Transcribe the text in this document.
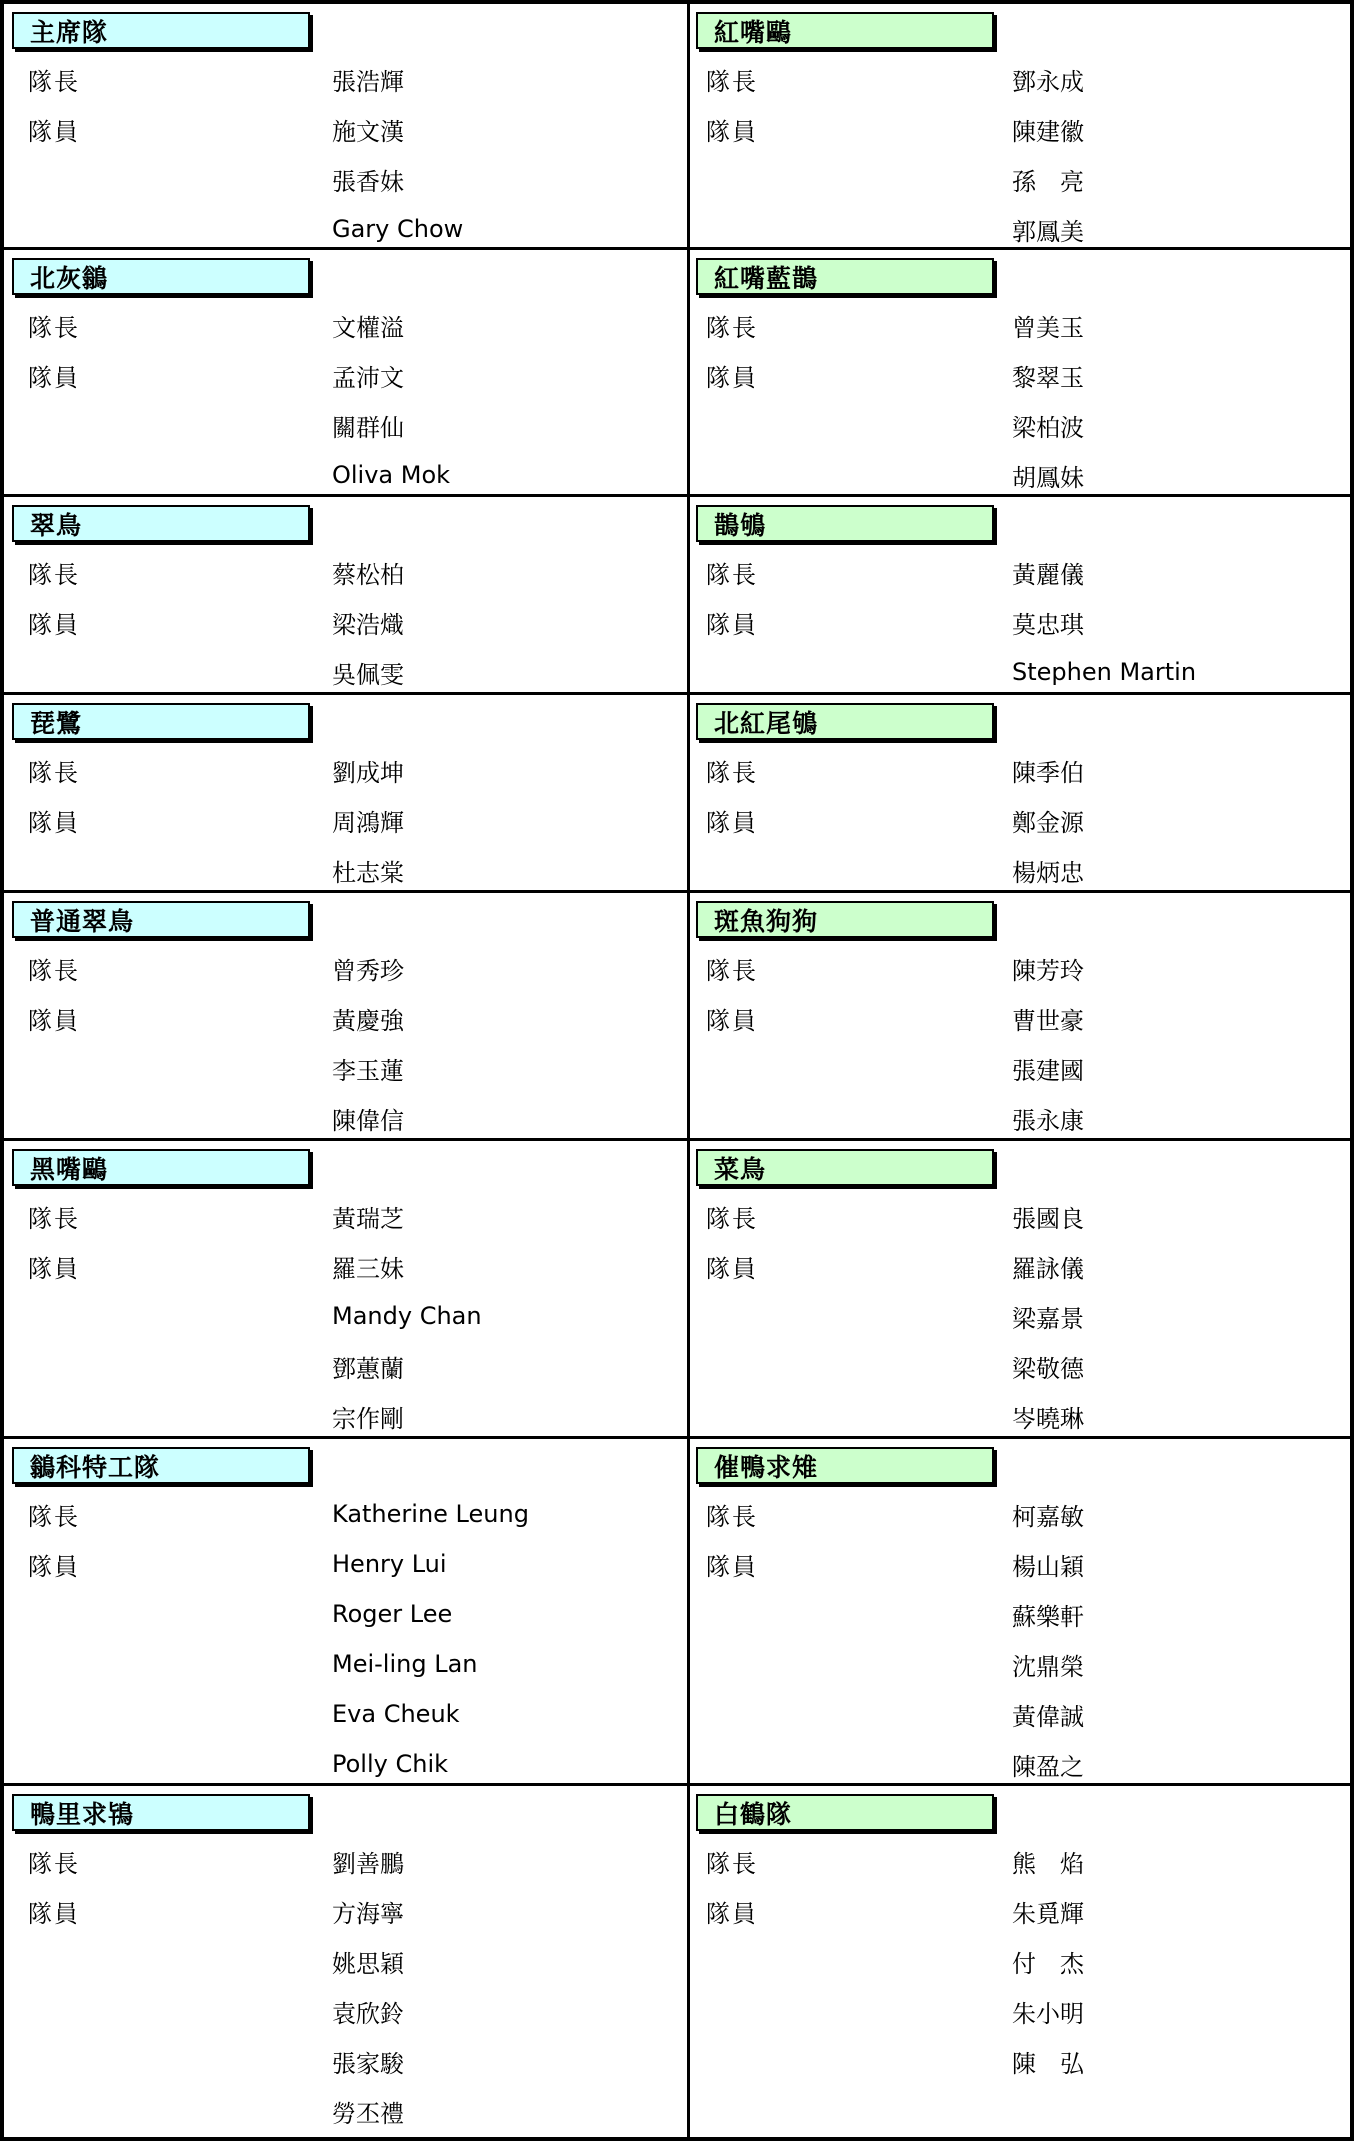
主席隊
隊長	張浩輝
隊員	施文漢
張香妹
Gary Chow
北灰鶲
隊長	文權溢
隊員	孟沛文
關群仙
Oliva Mok
翠鳥
隊長	蔡松柏
隊員	梁浩熾
吳佩雯
琵鷺
隊長	劉成坤
隊員	周鴻輝
杜志棠
普通翠鳥
隊長	曾秀珍
隊員	黃慶強
李玉蓮
陳偉信
黑嘴鷗
隊長	黃瑞芝
隊員	羅三妹
Mandy Chan
鄧蕙蘭
宗作剛
鶲科特工隊
隊長	Katherine Leung
隊員	Henry Lui
Roger Lee
Mei-ling Lan
Eva Cheuk
Polly Chik
鴨里求鴇
隊長	劉善鵬
隊員	方海寧
姚思穎
袁欣鈴
張家駿
勞丕禮
紅嘴鷗
隊長	鄧永成
隊員	陳建徽
孫　亮
郭鳳美
紅嘴藍鵲
隊長	曾美玉
隊員	黎翠玉
梁柏波
胡鳳妹
鵲鴝
隊長	黃麗儀
隊員	莫忠琪
Stephen Martin
北紅尾鴝
隊長	陳季伯
隊員	鄭金源
楊炳忠
斑魚狗狗
隊長	陳芳玲
隊員	曹世豪
張建國
張永康
菜鳥
隊長	張國良
隊員	羅詠儀
梁嘉景
梁敬德
岑曉琳
催鴨求雉
隊長	柯嘉敏
隊員	楊山穎
蘇樂軒
沈鼎榮
黃偉誠
陳盈之
白鶴隊
隊長	熊　焰
隊員	朱覓輝
付　杰
朱小明
陳　弘
